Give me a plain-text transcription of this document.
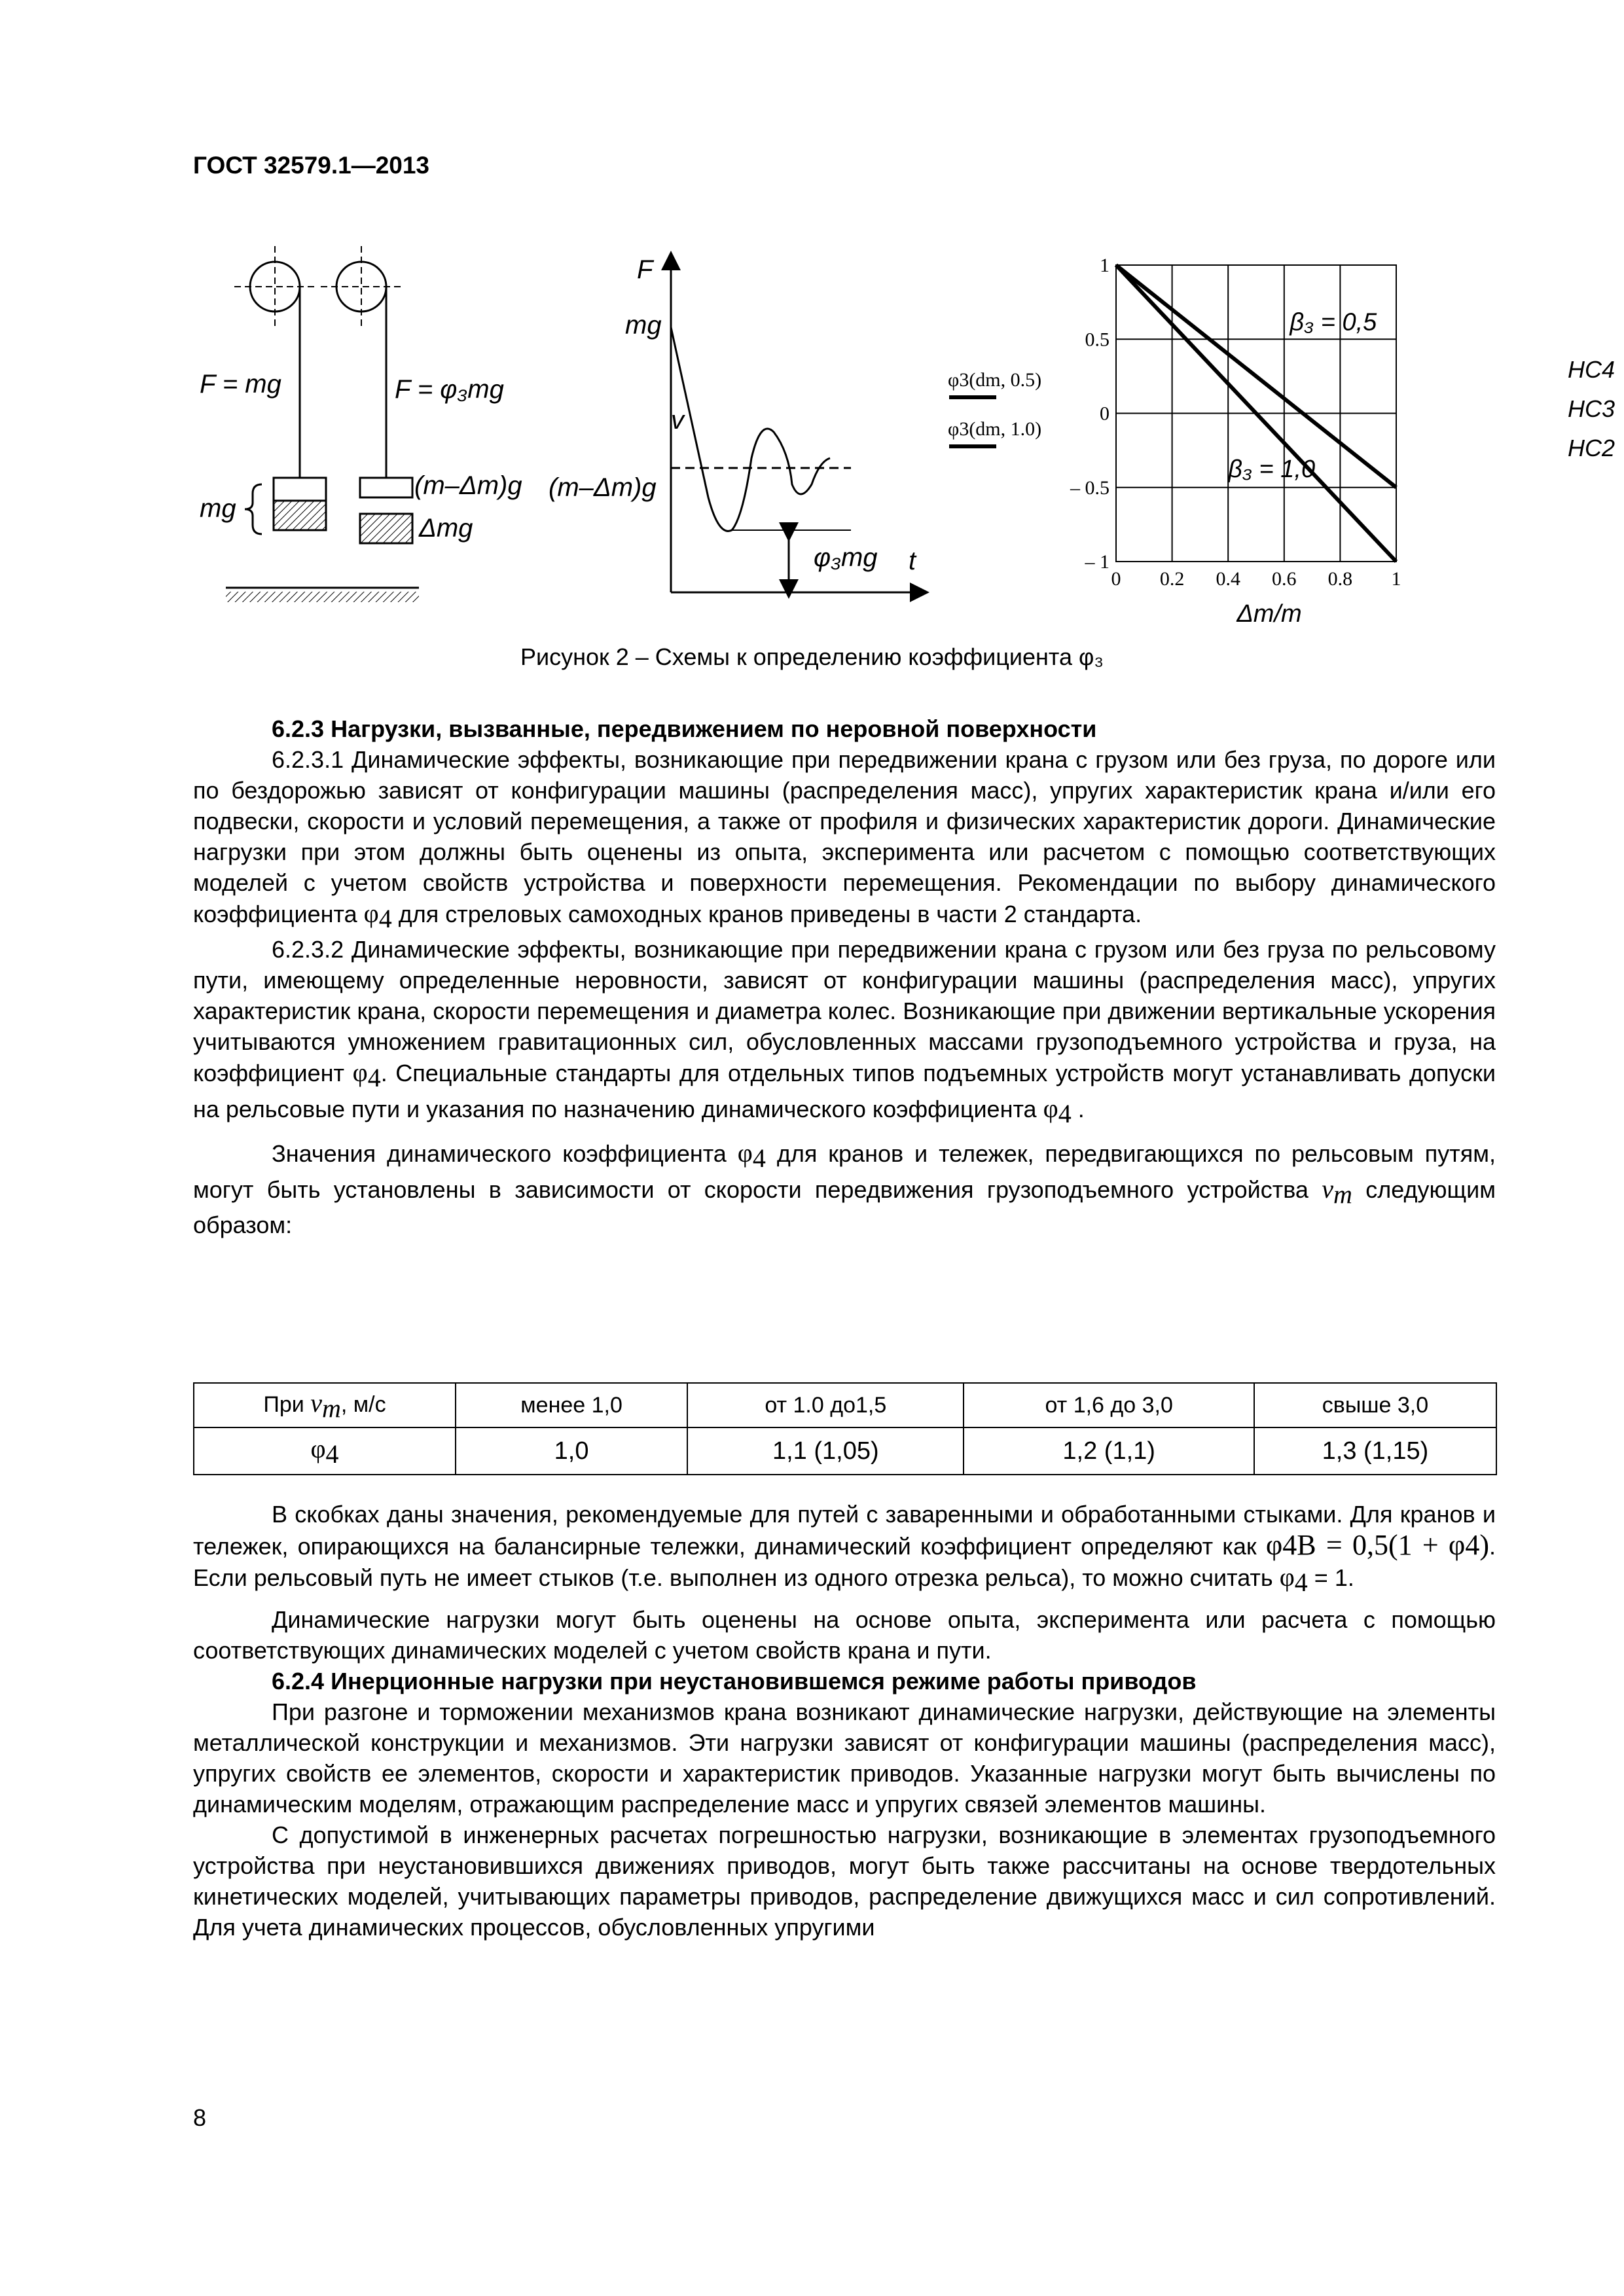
ГОСТ 32579.1—2013
HC4
HC3
HC2
F = mg	F = φ₃mg
mg
(m–Δm)g
Δmg
F
mg
v
(m–Δm)g
φ₃mg t
0 0.2 0.4 0.6 0.8 1
1
0.5
0
– 0.5
– 1
φ3(dm, 0.5)
φ3(dm, 1.0)
β₃ = 0,5
β₃ = 1,0
Δm/m
Рисунок 2 – Схемы к определению коэффициента φ₃

6.2.3 Нагрузки, вызванные, передвижением по неровной поверхности

6.2.3.1 Динамические эффекты, возникающие при передвижении крана с грузом или без груза, по дороге или по бездорожью зависят от конфигурации машины (распределения масс), упругих характеристик крана и/или его подвески, скорости и условий перемещения, а также от профиля и физических характеристик дороги. Динамические нагрузки при этом должны быть оценены из опыта, эксперимента или расчетом с помощью соответствующих моделей с учетом свойств устройства и поверхности перемещения. Рекомендации по выбору динамического коэффициента $\varphi_4$ для стреловых самоходных кранов приведены в части 2 стандарта.

6.2.3.2 Динамические эффекты, возникающие при передвижении крана с грузом или без груза по рельсовому пути, имеющему определенные неровности, зависят от конфигурации машины (распределения масс), упругих характеристик крана, скорости перемещения и диаметра колес. Возникающие при движении вертикальные ускорения учитываются умножением гравитационных сил, обусловленных массами грузоподъемного устройства и груза, на коэффициент $\varphi_4$. Специальные стандарты для отдельных типов подъемных устройств могут устанавливать допуски на рельсовые пути и указания по назначению динамического коэффициента $\varphi_4$ .

Значения динамического коэффициента $\varphi_4$ для кранов и тележек, передвигающихся по рельсовым путям, могут быть установлены в зависимости от скорости передвижения грузоподъемного устройства $v_m$ следующим образом:

При $v_m$, м/с	менее 1,0	от 1.0 до1,5	от 1,6 до 3,0	свыше 3,0
$\varphi_4$	1,0	1,1 (1,05)	1,2 (1,1)	1,3 (1,15)

В скобках даны значения, рекомендуемые для путей с заваренными и обработанными стыками. Для кранов и тележек, опирающихся на балансирные тележки, динамический коэффициент определяют как φ4B = 0,5(1 + φ4). Если рельсовый путь не имеет стыков (т.е. выполнен из одного отрезка рельса), то можно считать $\varphi_4 = 1$.

Динамические нагрузки могут быть оценены на основе опыта, эксперимента или расчета с помощью соответствующих динамических моделей с учетом свойств крана и пути.

6.2.4 Инерционные нагрузки при неустановившемся режиме работы приводов

При разгоне и торможении механизмов крана возникают динамические нагрузки, действующие на элементы металлической конструкции и механизмов. Эти нагрузки зависят от конфигурации машины (распределения масс), упругих свойств ее элементов, скорости и характеристик приводов. Указанные нагрузки могут быть вычислены по динамическим моделям, отражающим распределение масс и упругих связей элементов машины.

С допустимой в инженерных расчетах погрешностью нагрузки, возникающие в элементах грузоподъемного устройства при неустановившихся движениях приводов, могут быть также рассчитаны на основе твердотельных кинетических моделей, учитывающих параметры приводов, распределение движущихся масс и сил сопротивлений. Для учета динамических процессов, обусловленных упругими

8
